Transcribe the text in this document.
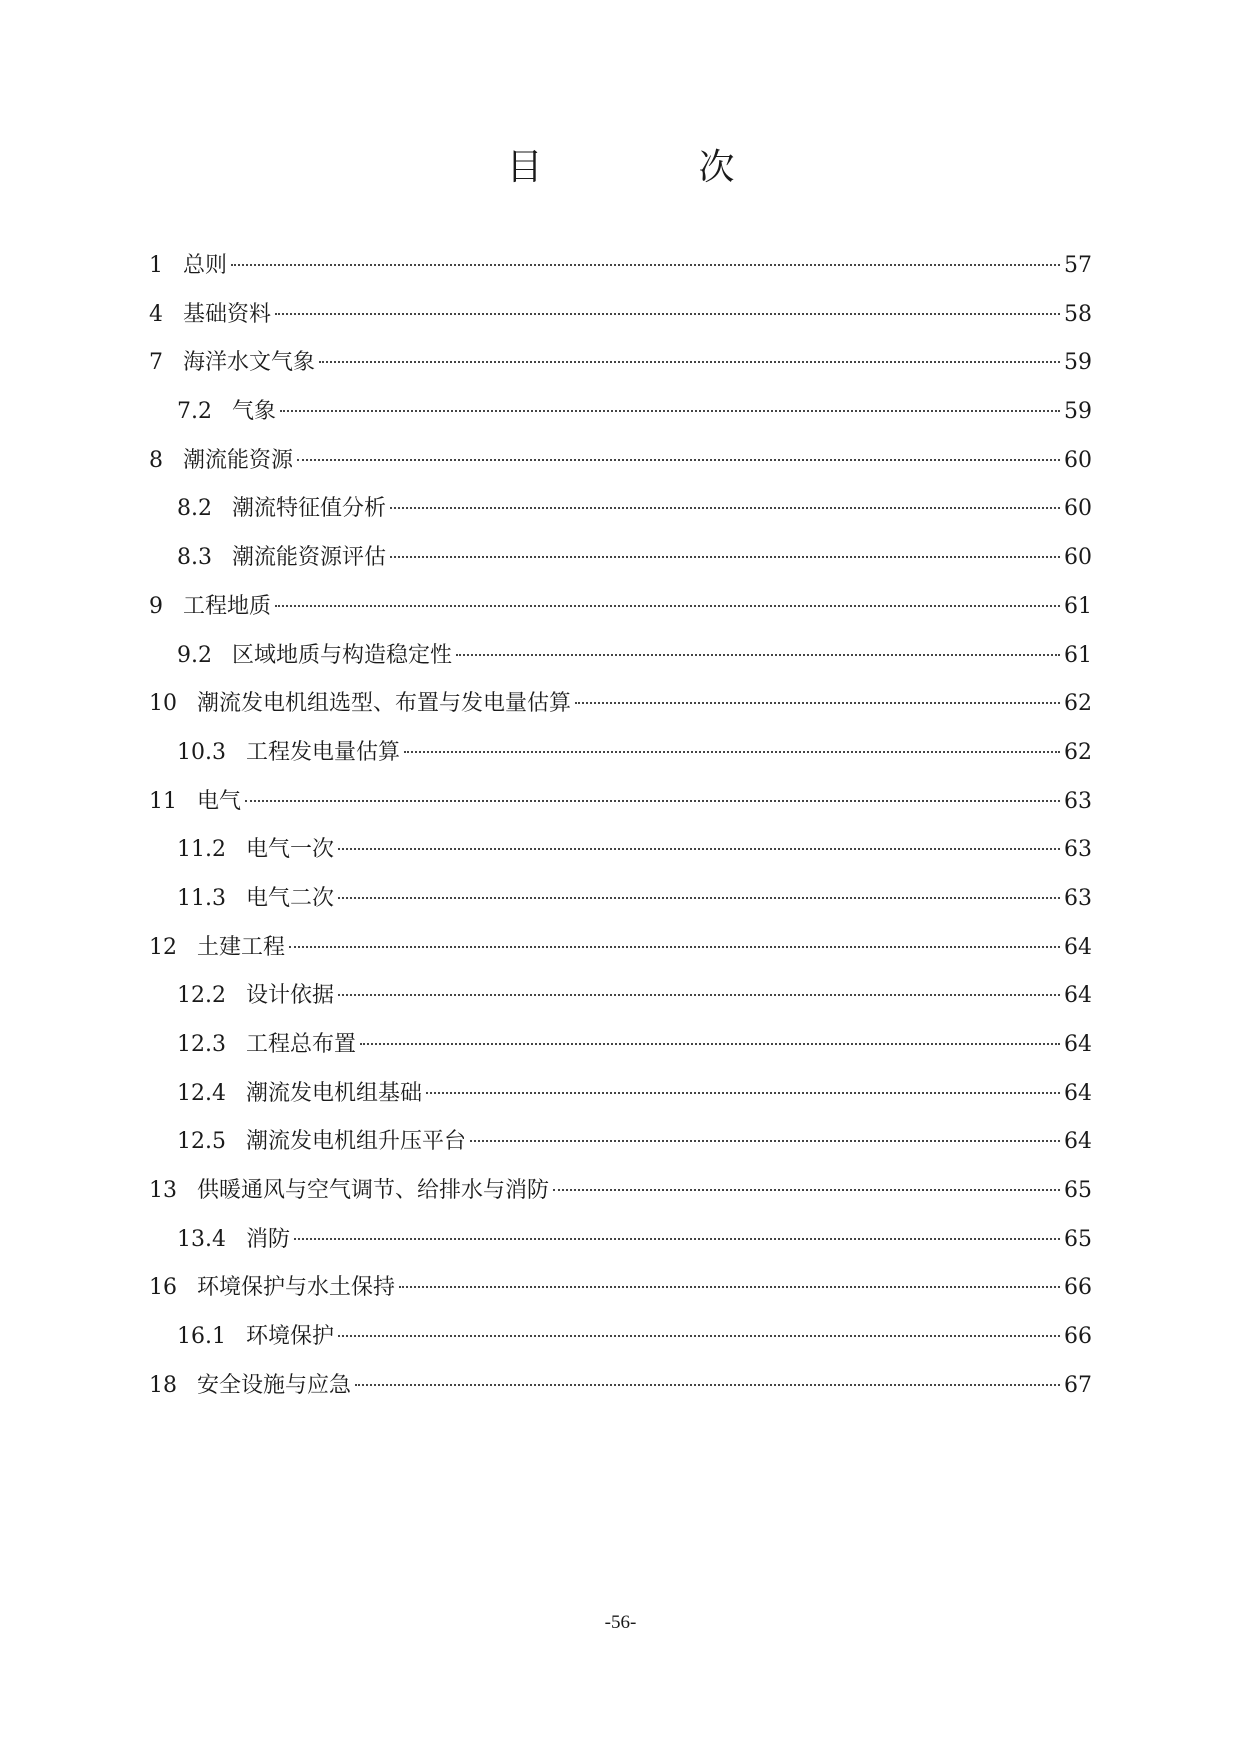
目　次
1 总则	57
4 基础资料	58
7 海洋水文气象	59
7.2 气象	59
8 潮流能资源	60
8.2 潮流特征值分析	60
8.3 潮流能资源评估	60
9 工程地质	61
9.2 区域地质与构造稳定性	61
10 潮流发电机组选型、布置与发电量估算	62
10.3 工程发电量估算	62
11 电气	63
11.2 电气一次	63
11.3 电气二次	63
12 土建工程	64
12.2 设计依据	64
12.3 工程总布置	64
12.4 潮流发电机组基础	64
12.5 潮流发电机组升压平台	64
13 供暖通风与空气调节、给排水与消防	65
13.4 消防	65
16 环境保护与水土保持	66
16.1 环境保护	66
18 安全设施与应急	67
-56-
